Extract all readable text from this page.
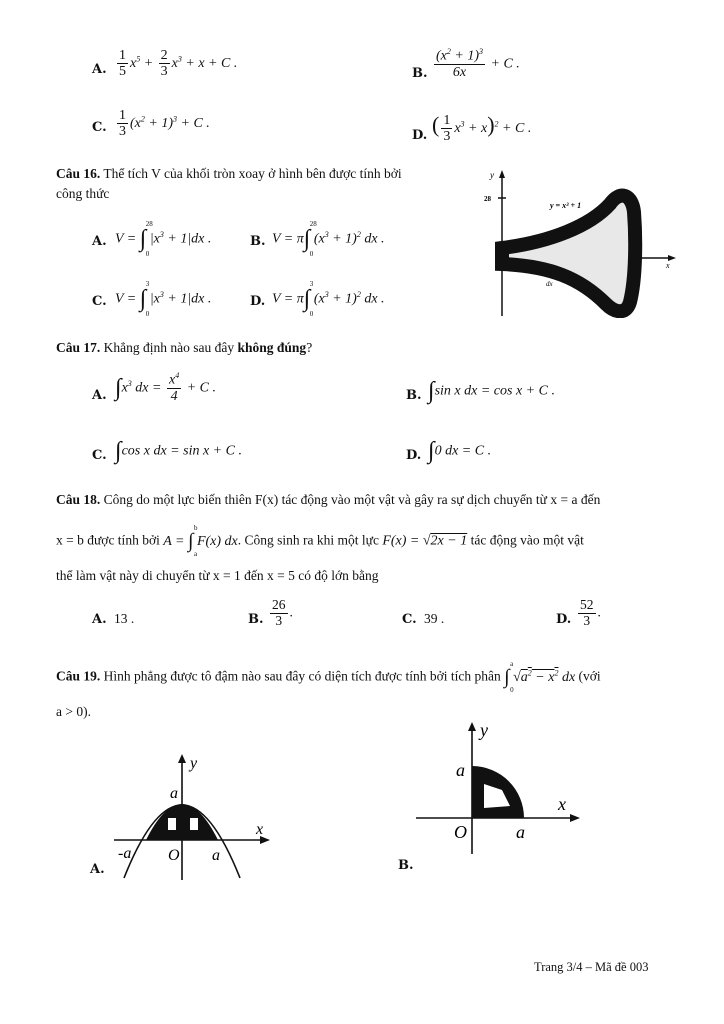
A. $\frac{1}{5} x^5 + \frac{2}{3} x^3 + x + C$ .
B. $\frac{(x^2 + 1)^3}{6x} + C$ .
C. $\frac{1}{3} (x^2 + 1)^3 + C$ .
D. ( $\frac{1}{3} x^3 + x)^2 + C$ .
Câu 16. Thể tích V của khối tròn xoay ở hình bên được tính bởi
công thức
A. V = ∫
28
0
$|x^3 + 1|dx$ .	B. V = π∫
28
0
$(x^3 + 1)^2$ dx .
C. V = ∫
3
0
$|x^3 + 1|dx$ .	D. V = π∫
3
0
$(x^3 + 1)^2$ dx .
y
28
y = x³ + 1
x
dx
Câu 17. Khẳng định nào sau đây không đúng?
A. $\int x^3$ dx = $\frac{x^4}{4} + C$ .
B. ∫sin x dx = cos x + C .
C. ∫cos x dx = sin x + C .	D. ∫0 dx = C .
Câu 18. Công do một lực biến thiên F(x) tác động vào một vật và gây ra sự dịch chuyển từ x = a đến
x = b được tính bởi A = ∫
b
a
F(x) dx. Công sinh ra khi một lực F(x) = √2x − 1 tác động vào một vật
thể làm vật này di chuyển từ x = 1 đến x = 5 có độ lớn bằng
A. 13 .	B. $\frac{26}{3}$ .
C. 39 .	D. $\frac{52}{3}$ .
Câu 19. Hình phẳng được tô đậm nào sau đây có diện tích được tính bởi tích phân ∫
a
0
$√a^2 - x^2$ dx (với
a > 0).
y
x
a
-a O a
A.
y
x
a
O	a
B.
Trang 3/4 – Mã đề 003
